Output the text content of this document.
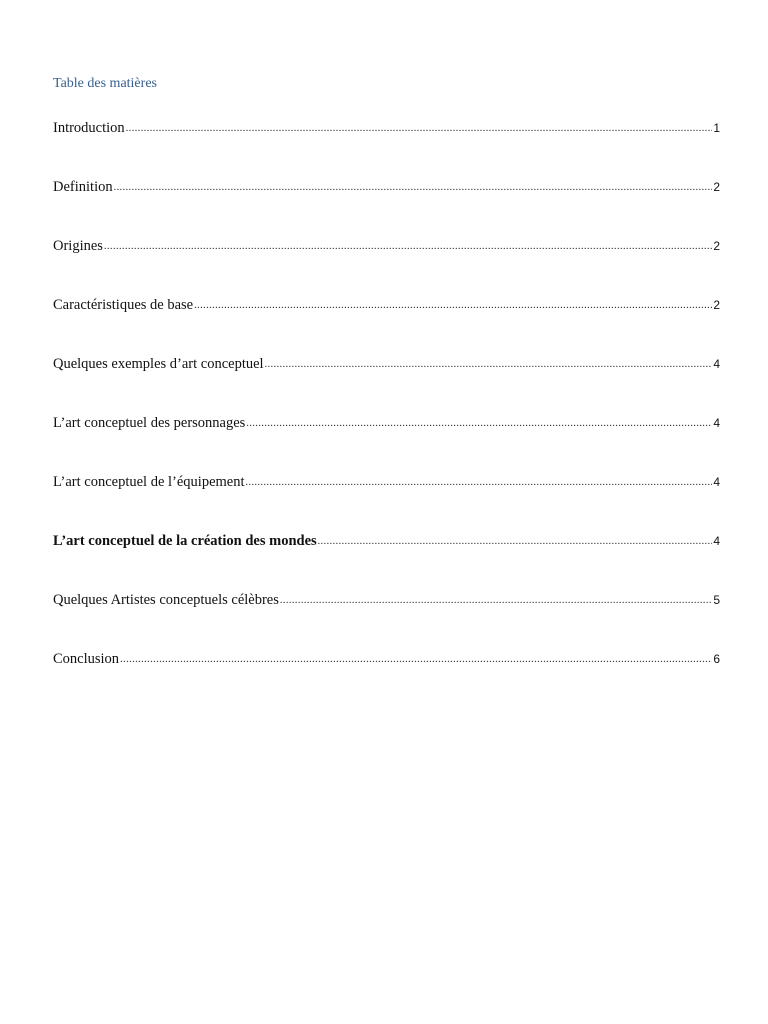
Table des matières
Introduction .....	1
Definition .....	2
Origines .....	2
Caractéristiques de base .....	2
Quelques exemples d’art conceptuel .....	4
L’art conceptuel des personnages .....	4
L’art conceptuel de l’équipement .....	4
L’art conceptuel de la création des mondes .....	4
Quelques Artistes conceptuels célèbres .....	5
Conclusion .....	6
